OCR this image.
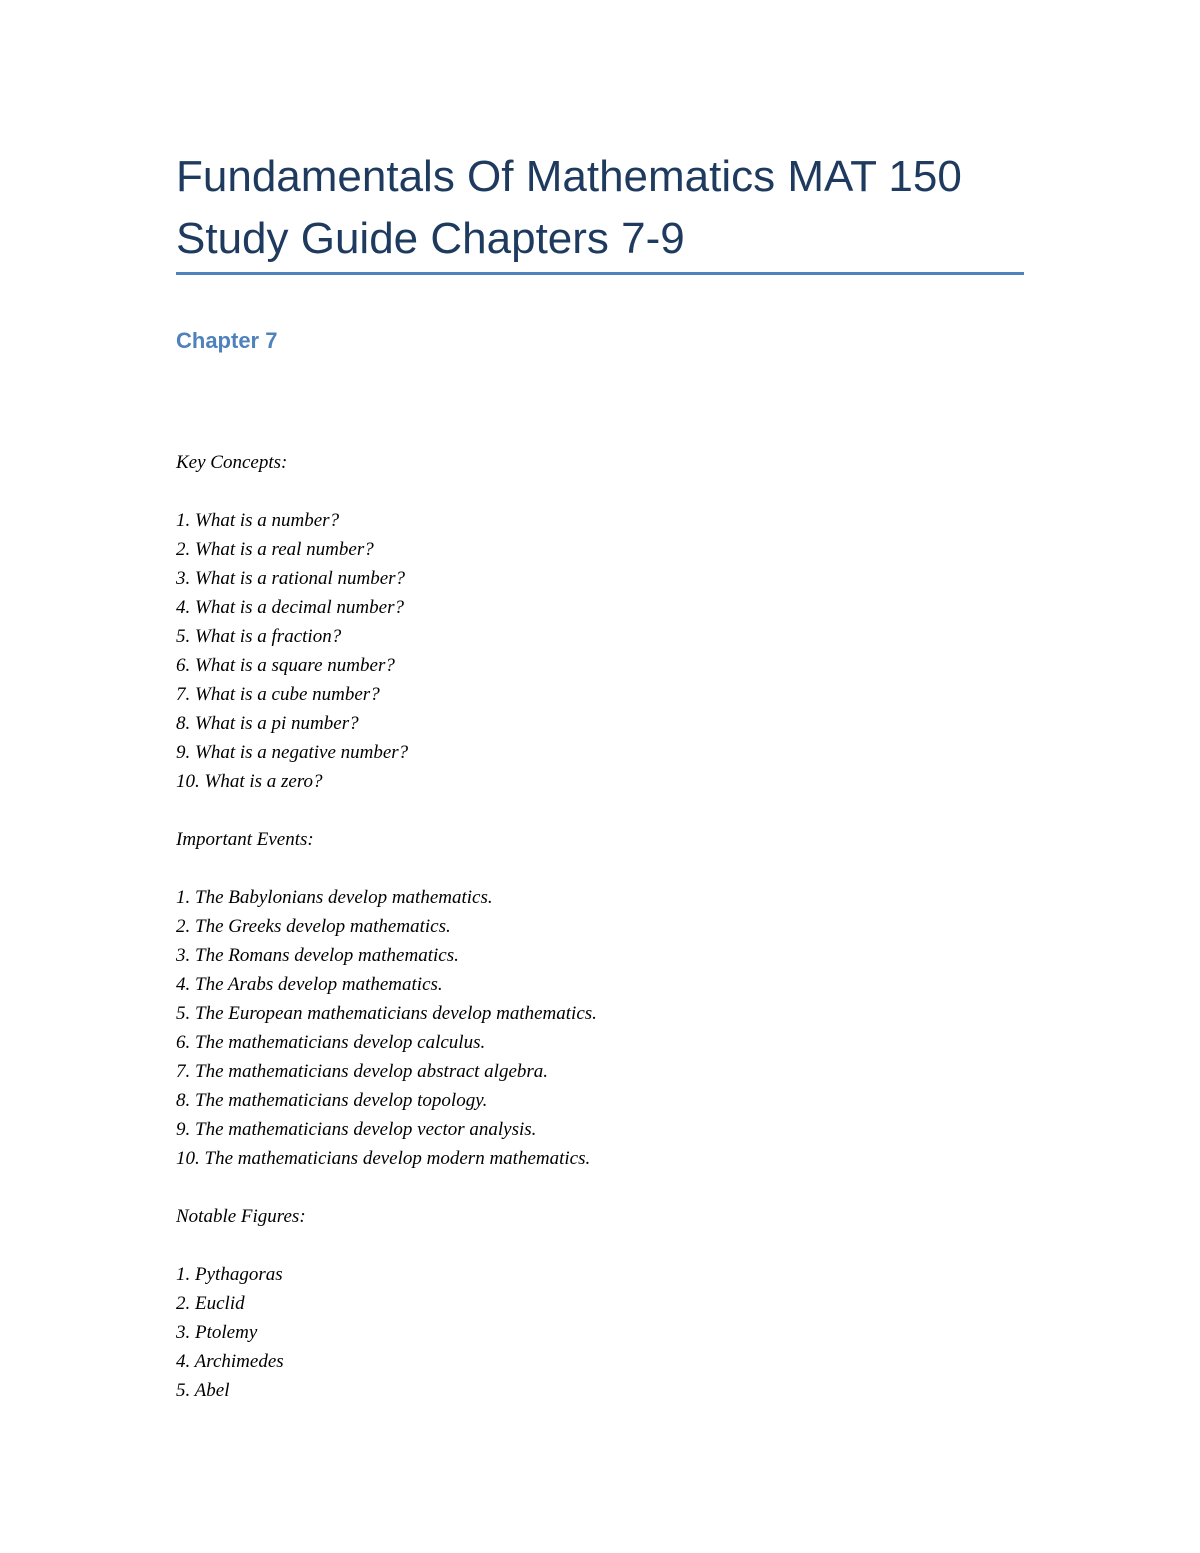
Fundamentals Of Mathematics MAT 150 Study Guide Chapters 7-9
Chapter 7
Key Concepts:
1. What is a number?
2. What is a real number?
3. What is a rational number?
4. What is a decimal number?
5. What is a fraction?
6. What is a square number?
7. What is a cube number?
8. What is a pi number?
9. What is a negative number?
10. What is a zero?
Important Events:
1. The Babylonians develop mathematics.
2. The Greeks develop mathematics.
3. The Romans develop mathematics.
4. The Arabs develop mathematics.
5. The European mathematicians develop mathematics.
6. The mathematicians develop calculus.
7. The mathematicians develop abstract algebra.
8. The mathematicians develop topology.
9. The mathematicians develop vector analysis.
10. The mathematicians develop modern mathematics.
Notable Figures:
1. Pythagoras
2. Euclid
3. Ptolemy
4. Archimedes
5. Abel
